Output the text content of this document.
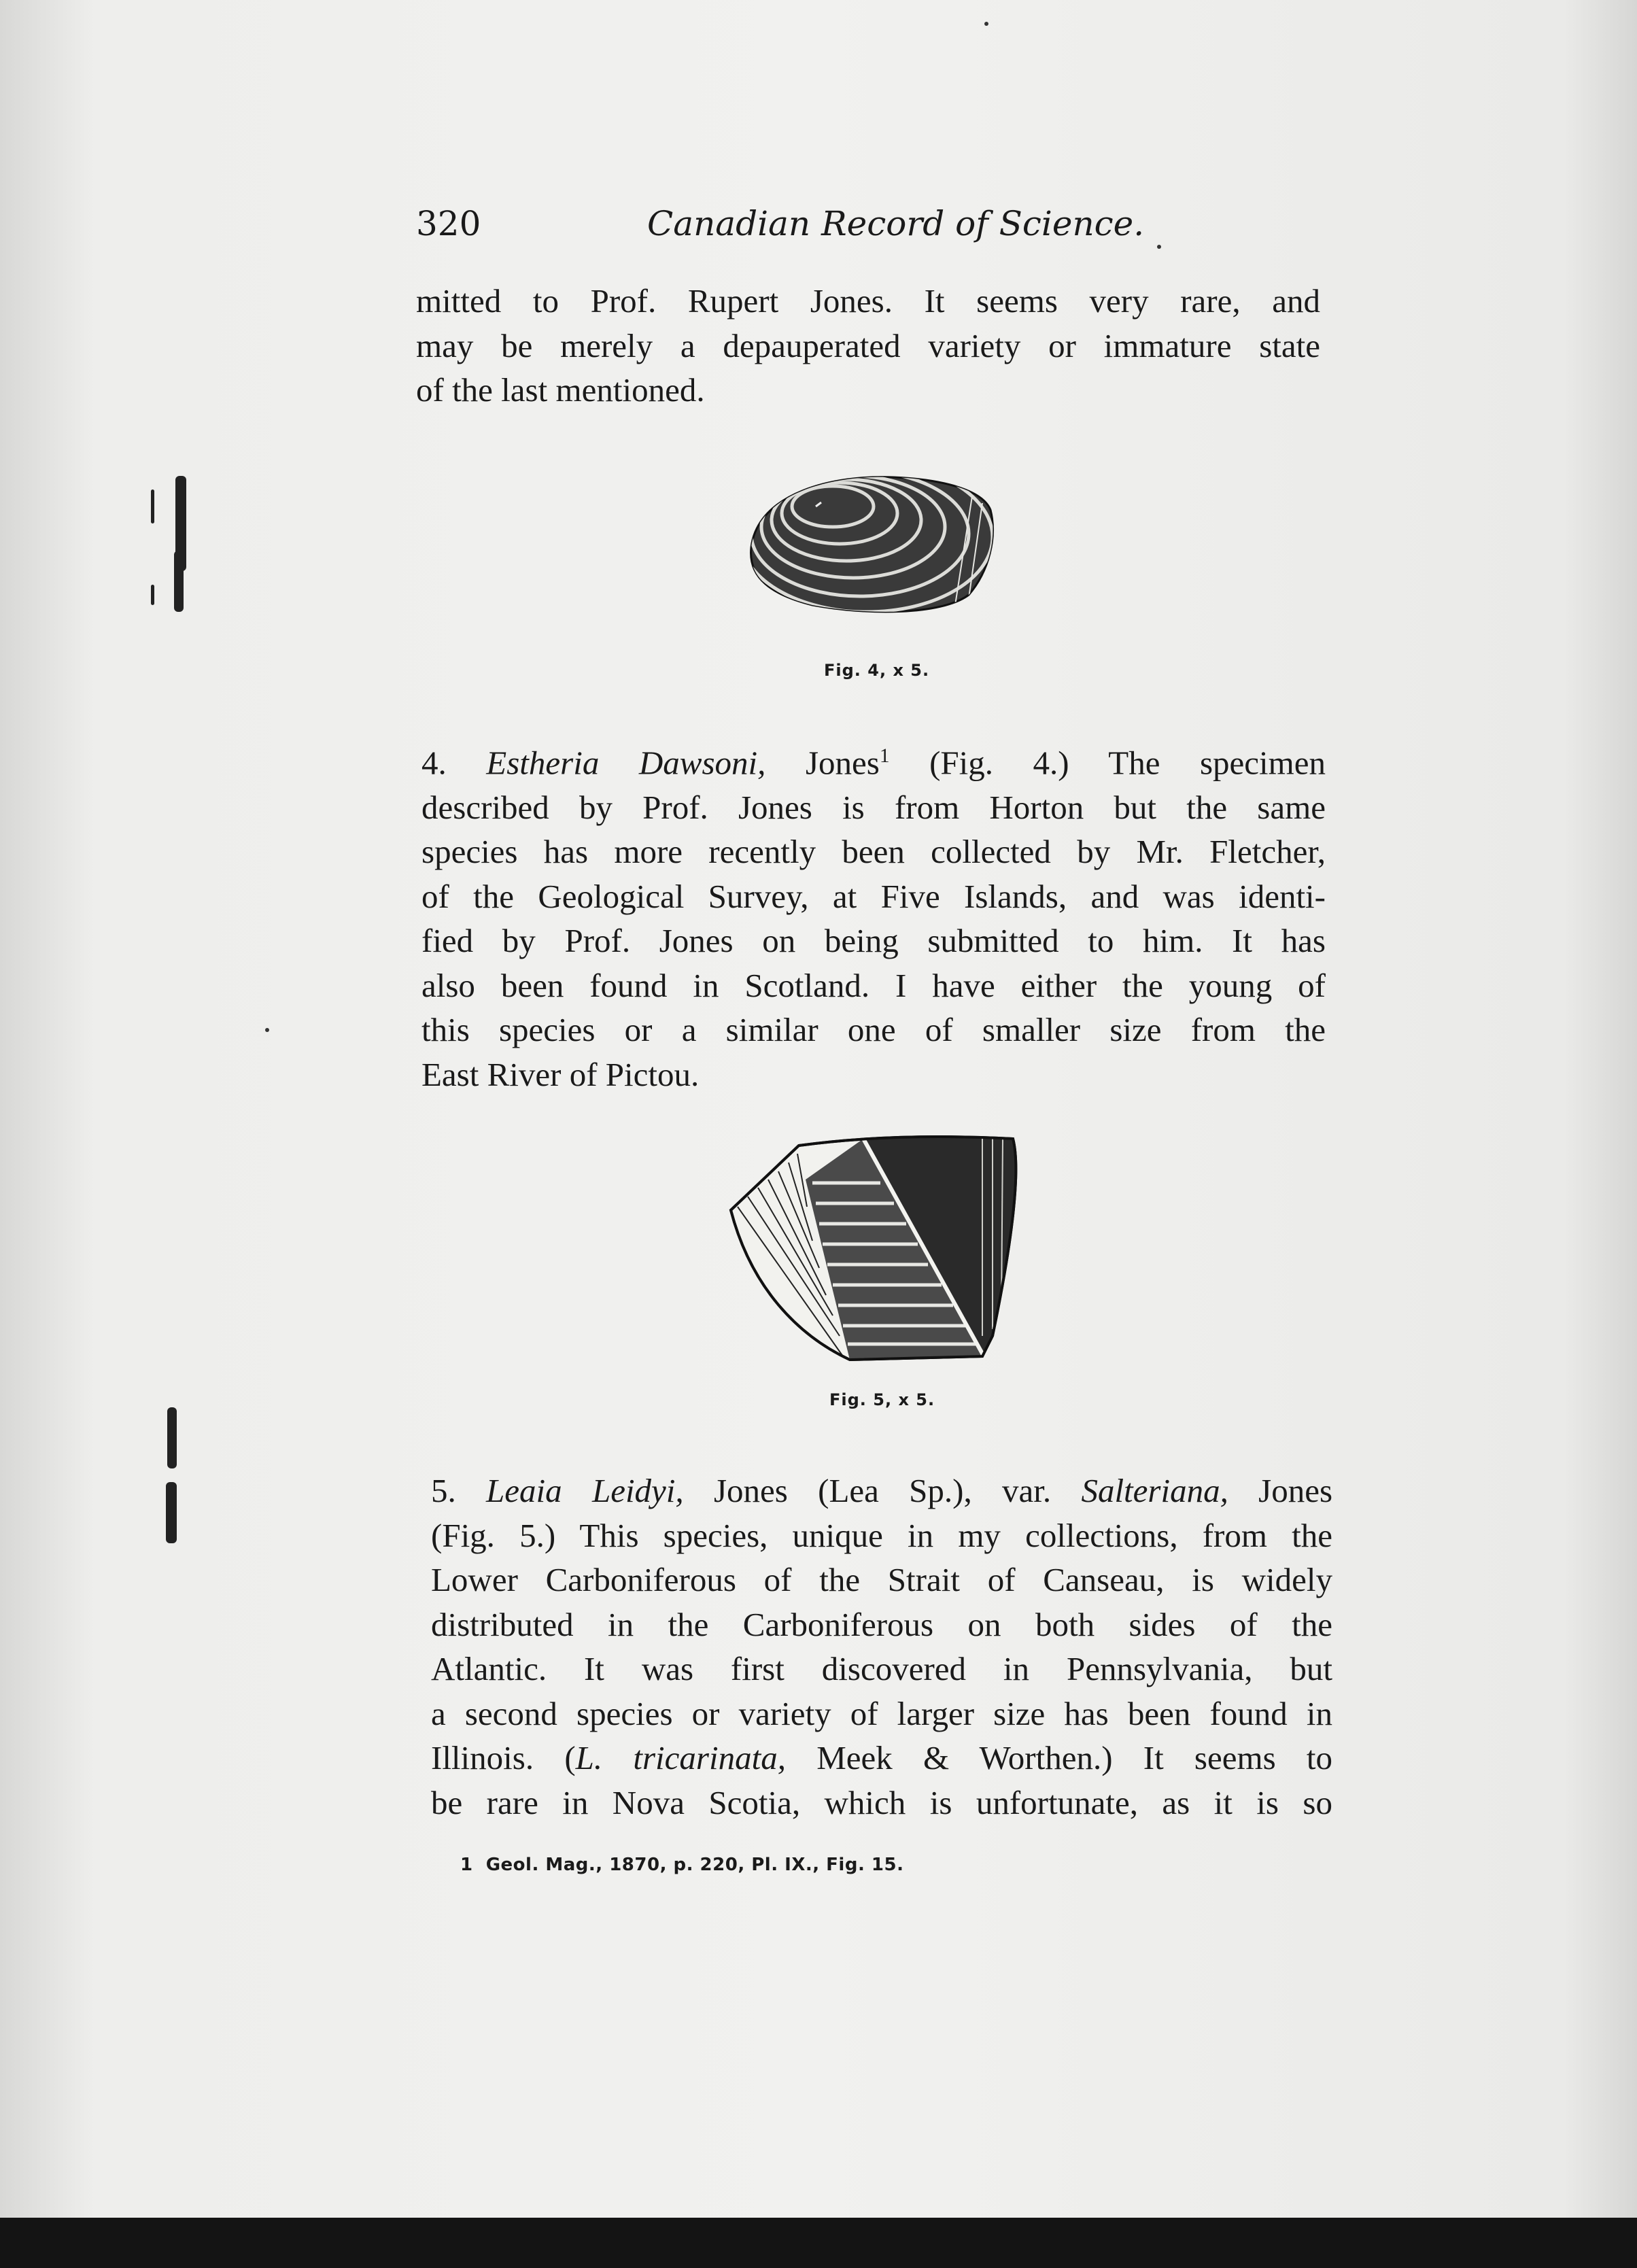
320	Canadian Record of Science.
mitted to Prof. Rupert Jones. It seems very rare, and
may be merely a depauperated variety or immature state
of the last mentioned.
Fig. 4, x 5.
4. Estheria Dawsoni, Jones$^1$ (Fig. 4.) The specimen
described by Prof. Jones is from Horton but the same
species has more recently been collected by Mr. Fletcher,
of the Geological Survey, at Five Islands, and was identi-
fied by Prof. Jones on being submitted to him. It has
also been found in Scotland. I have either the young of
this species or a similar one of smaller size from the
East River of Pictou.
Fig. 5, x 5.
5. Leaia Leidyi, Jones (Lea Sp.), var. Salteriana, Jones
(Fig. 5.) This species, unique in my collections, from the
Lower Carboniferous of the Strait of Canseau, is widely
distributed in the Carboniferous on both sides of the
Atlantic. It was first discovered in Pennsylvania, but
a second species or variety of larger size has been found in
Illinois. (L. tricarinata, Meek & Worthen.) It seems to
be rare in Nova Scotia, which is unfortunate, as it is so
1 Geol. Mag., 1870, p. 220, Pl. IX., Fig. 15.
